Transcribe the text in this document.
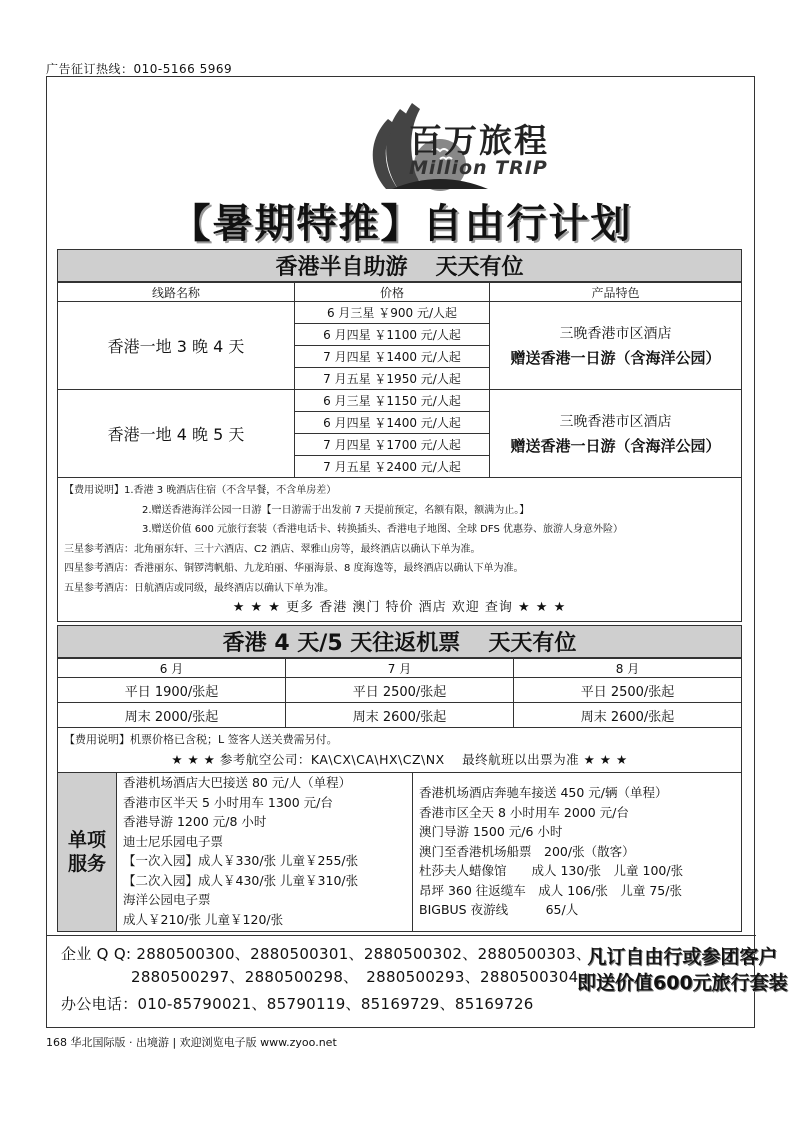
广告征订热线：010-5166 5969
百万旅程
Million TRIP
【暑期特推】自由行计划
香港半自助游 天天有位
线路名称	价格	产品特色
香港一地 3 晚 4 天	6 月三星 ￥900 元/人起	三晚香港市区酒店
赠送香港一日游（含海洋公园）

	6 月四星 ￥1100 元/人起	
	7 月四星 ￥1400 元/人起	
	7 月五星 ￥1950 元/人起	
香港一地 4 晚 5 天	6 月三星 ￥1150 元/人起	三晚香港市区酒店
赠送香港一日游（含海洋公园）

	6 月四星 ￥1400 元/人起	
	7 月四星 ￥1700 元/人起	
	7 月五星 ￥2400 元/人起	
【费用说明】1.香港 3 晚酒店住宿（不含早餐，不含单房差）
2.赠送香港海洋公园一日游【一日游需于出发前 7 天提前预定，名额有限，额满为止。】
3.赠送价值 600 元旅行套装（香港电话卡、转换插头、香港电子地图、全球 DFS 优惠券、旅游人身意外险）
三星参考酒店：北角丽东轩、三十六酒店、C2 酒店、翠雅山房等，最终酒店以确认下单为准。
四星参考酒店：香港丽东、铜锣湾帆船、九龙珀丽、华丽海景、8 度海逸等，最终酒店以确认下单为准。
五星参考酒店：日航酒店或同级，最终酒店以确认下单为准。
★ ★ ★ 更多 香港 澳门 特价 酒店 欢迎 查询 ★ ★ ★
香港 4 天/5 天往返机票 天天有位
6 月	7 月	8 月
平日 1900/张起	平日 2500/张起	平日 2500/张起
周末 2000/张起	周末 2600/张起	周末 2600/张起
【费用说明】机票价格已含税；L 签客人送关费需另付。
★ ★ ★ 参考航空公司：KA\CX\CA\HX\CZ\NX　 最终航班以出票为准 ★ ★ ★
单项
服务
香港机场酒店大巴接送 80 元/人（单程）
香港市区半天 5 小时用车 1300 元/台
香港导游 1200 元/8 小时
迪士尼乐园电子票
【一次入园】成人￥330/张 儿童￥255/张
【二次入园】成人￥430/张 儿童￥310/张
海洋公园电子票
成人￥210/张 儿童￥120/张
香港机场酒店奔驰车接送 450 元/辆（单程）
香港市区全天 8 小时用车 2000 元/台
澳门导游 1500 元/6 小时
澳门至香港机场船票　200/张（散客）
杜莎夫人蜡像馆　　成人 130/张　儿童 100/张
昂坪 360 往返缆车　成人 106/张　儿童 75/张
BIGBUS 夜游线　　　65/人
企业 Q Q: 2880500300、2880500301、2880500302、2880500303、
2880500297、2880500298、　2880500293、2880500304
办公电话：010-85790021、85790119、85169729、85169726
凡订自由行或参团客户
即送价值600元旅行套装
168 华北国际版 · 出境游 | 欢迎浏览电子版 www.zyoo.net
